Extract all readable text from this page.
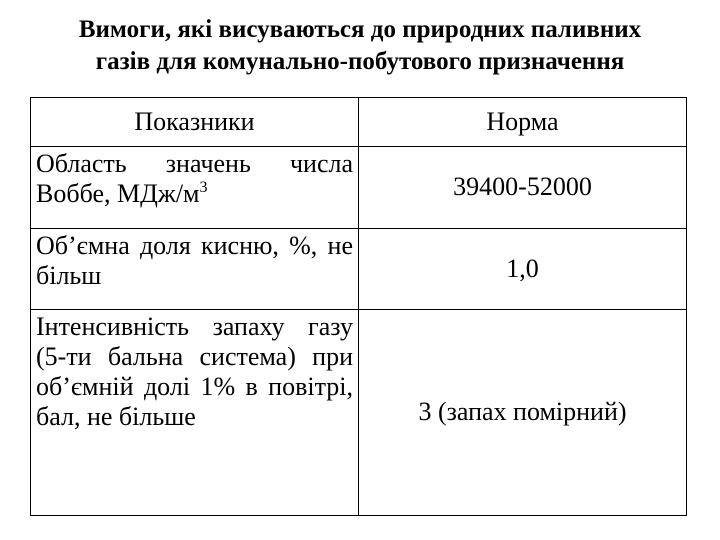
Вимоги, які висуваються до природних паливних
газів для комунально-побутового призначення
Показники	Норма
Область значень числа Воббе, МДж/$м^3$	39400-52000
Об’ємна доля кисню, %, не більш	1,0
Інтенсивність запаху газу (5-ти бальна система) при об’ємній долі 1% в повітрі, бал, не більше	3 (запах помірний)
